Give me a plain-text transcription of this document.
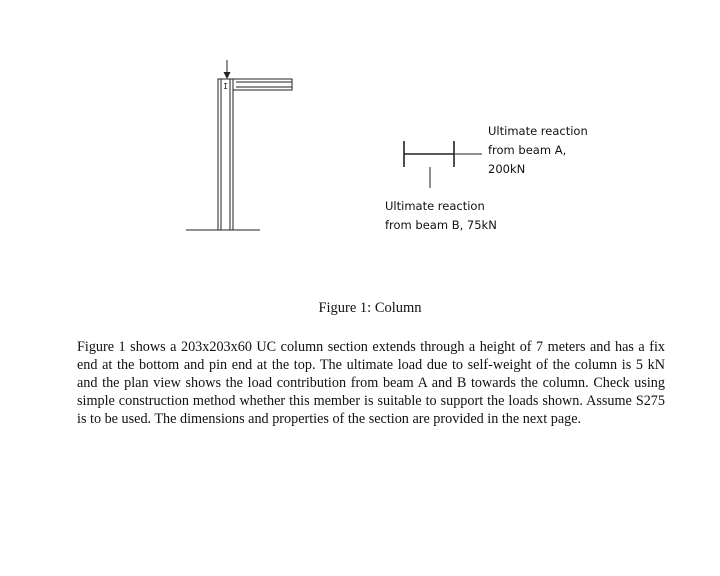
I
Ultimate reaction
from beam A,
200kN
Ultimate reaction
from beam B, 75kN
Figure 1: Column

Figure 1 shows a 203x203x60 UC column section extends through a height of 7 meters and has a fix end at the bottom and pin end at the top. The ultimate load due to self-weight of the column is 5 kN and the plan view shows the load contribution from beam A and B towards the column. Check using simple construction method whether this member is suitable to support the loads shown. Assume S275 is to be used. The dimensions and properties of the section are provided in the next page.
